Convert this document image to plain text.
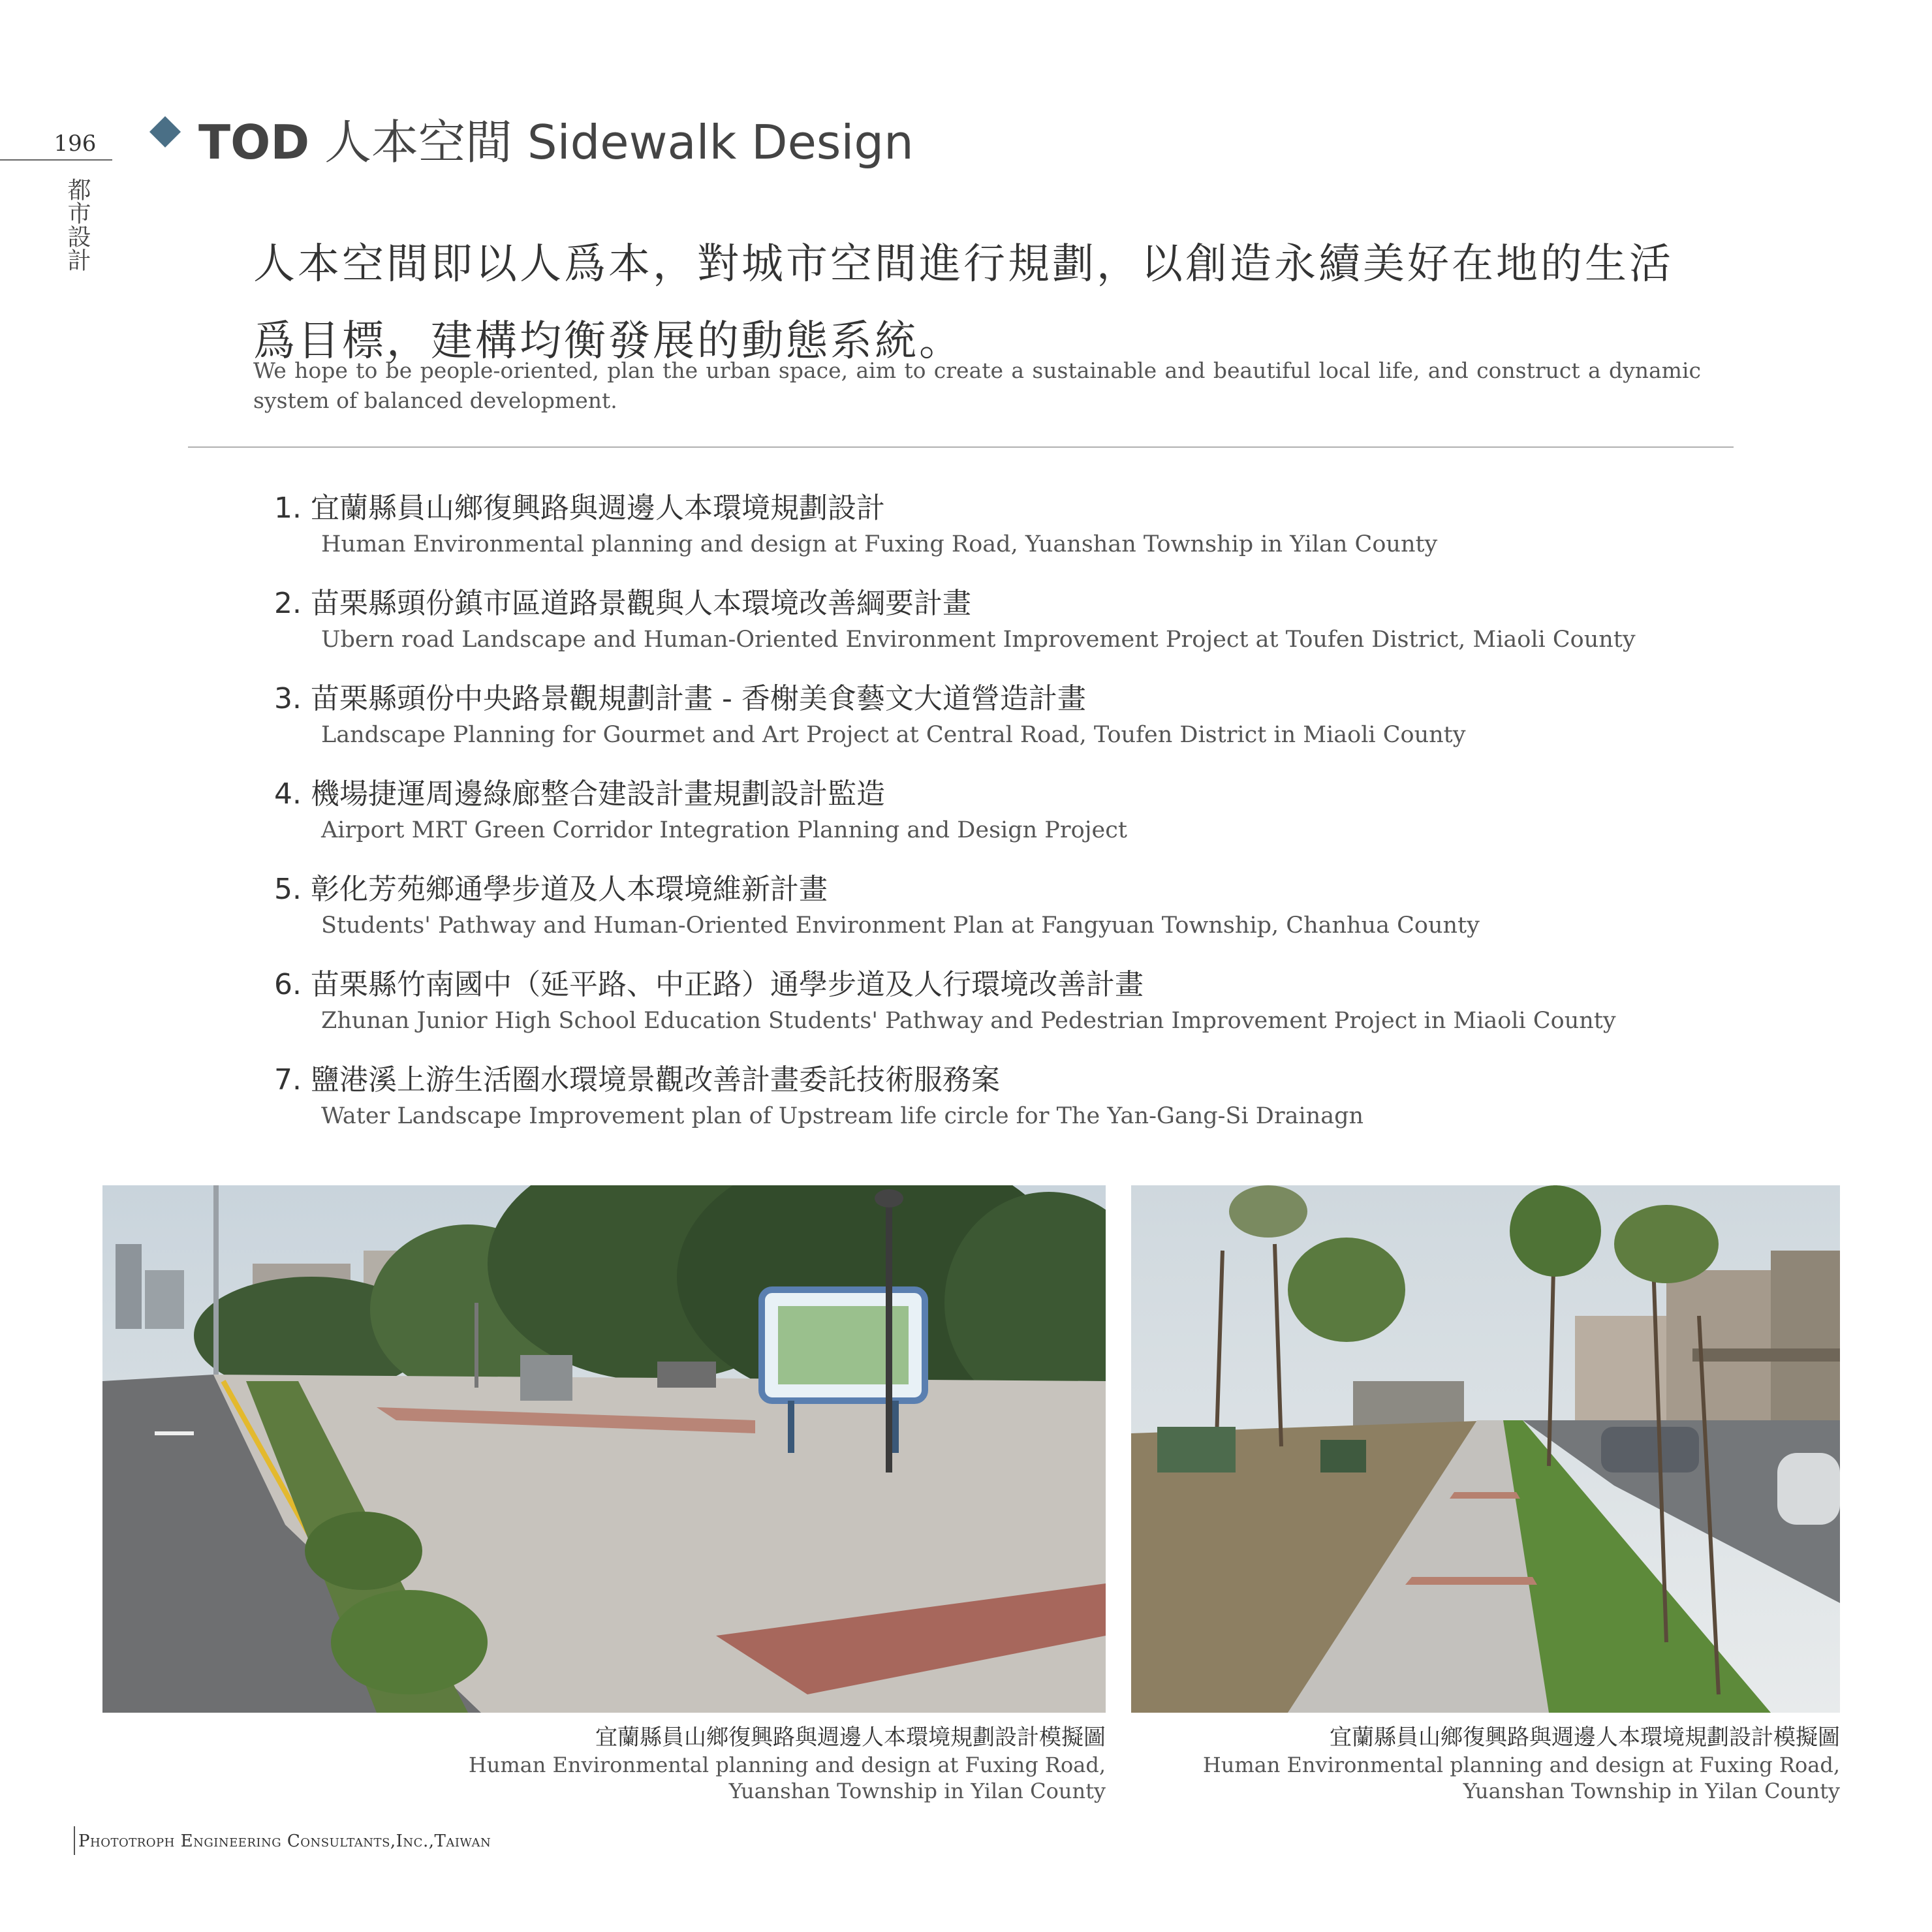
196
都市設計
TOD 人本空間 Sidewalk Design
人本空間即以人爲本，對城市空間進行規劃，以創造永續美好在地的生活爲目標，建構均衡發展的動態系統。
We hope to be people-oriented, plan the urban space, aim to create a sustainable and beautiful local life, and construct a dynamic system of balanced development.
1. 宜蘭縣員山鄉復興路與週邊人本環境規劃設計
Human Environmental planning and design at Fuxing Road, Yuanshan Township in Yilan County
2. 苗栗縣頭份鎮市區道路景觀與人本環境改善綱要計畫
Ubern road Landscape and Human-Oriented Environment Improvement Project at Toufen District, Miaoli County
3. 苗栗縣頭份中央路景觀規劃計畫 - 香榭美食藝文大道營造計畫
Landscape Planning for Gourmet and Art Project at Central Road, Toufen District in Miaoli County
4. 機場捷運周邊綠廊整合建設計畫規劃設計監造
Airport MRT Green Corridor Integration Planning and Design Project
5. 彰化芳苑鄉通學步道及人本環境維新計畫
Students' Pathway and Human-Oriented Environment Plan at Fangyuan Township, Chanhua County
6. 苗栗縣竹南國中（延平路、中正路）通學步道及人行環境改善計畫
Zhunan Junior High School Education Students' Pathway and Pedestrian Improvement Project in Miaoli County
7. 鹽港溪上游生活圈水環境景觀改善計畫委託技術服務案
Water Landscape Improvement plan of Upstream life circle for The Yan-Gang-Si Drainagn
宜蘭縣員山鄉復興路與週邊人本環境規劃設計模擬圖
Human Environmental planning and design at Fuxing Road,
Yuanshan Township in Yilan County
宜蘭縣員山鄉復興路與週邊人本環境規劃設計模擬圖
Human Environmental planning and design at Fuxing Road,
Yuanshan Township in Yilan County
Phototroph Engineering Consultants,Inc.,Taiwan
